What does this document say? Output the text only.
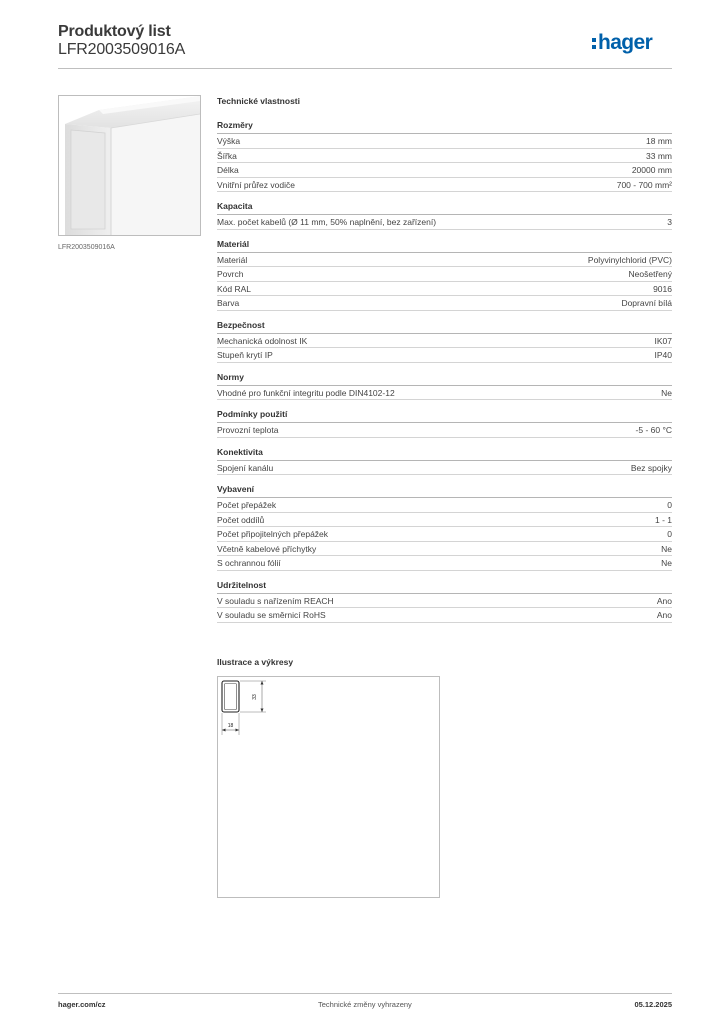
Produktový list
LFR2003509016A	hager
LFR2003509016A
Technické vlastnosti
Rozměry
Výška	18 mm
Šířka	33 mm
Délka	20000 mm
Vnitřní průřez vodiče	700 - 700 mm²
Kapacita
Max. počet kabelů (Ø 11 mm, 50% naplnění, bez zařízení)	3
Materiál
Materiál	Polyvinylchlorid (PVC)
Povrch	Neošetřený
Kód RAL	9016
Barva	Dopravní bílá
Bezpečnost
Mechanická odolnost IK	IK07
Stupeň krytí IP	IP40
Normy
Vhodné pro funkční integritu podle DIN4102-12	Ne
Podmínky použití
Provozní teplota	-5 - 60 °C
Konektivita
Spojení kanálu	Bez spojky
Vybavení
Počet přepážek	0
Počet oddílů	1 - 1
Počet připojitelných přepážek	0
Včetně kabelové příchytky	Ne
S ochrannou fólií	Ne
Udržitelnost
V souladu s nařízením REACH	Ano
V souladu se směrnicí RoHS	Ano
Ilustrace a výkresy
33
18
hager.com/cz	Technické změny vyhrazeny	05.12.2025
